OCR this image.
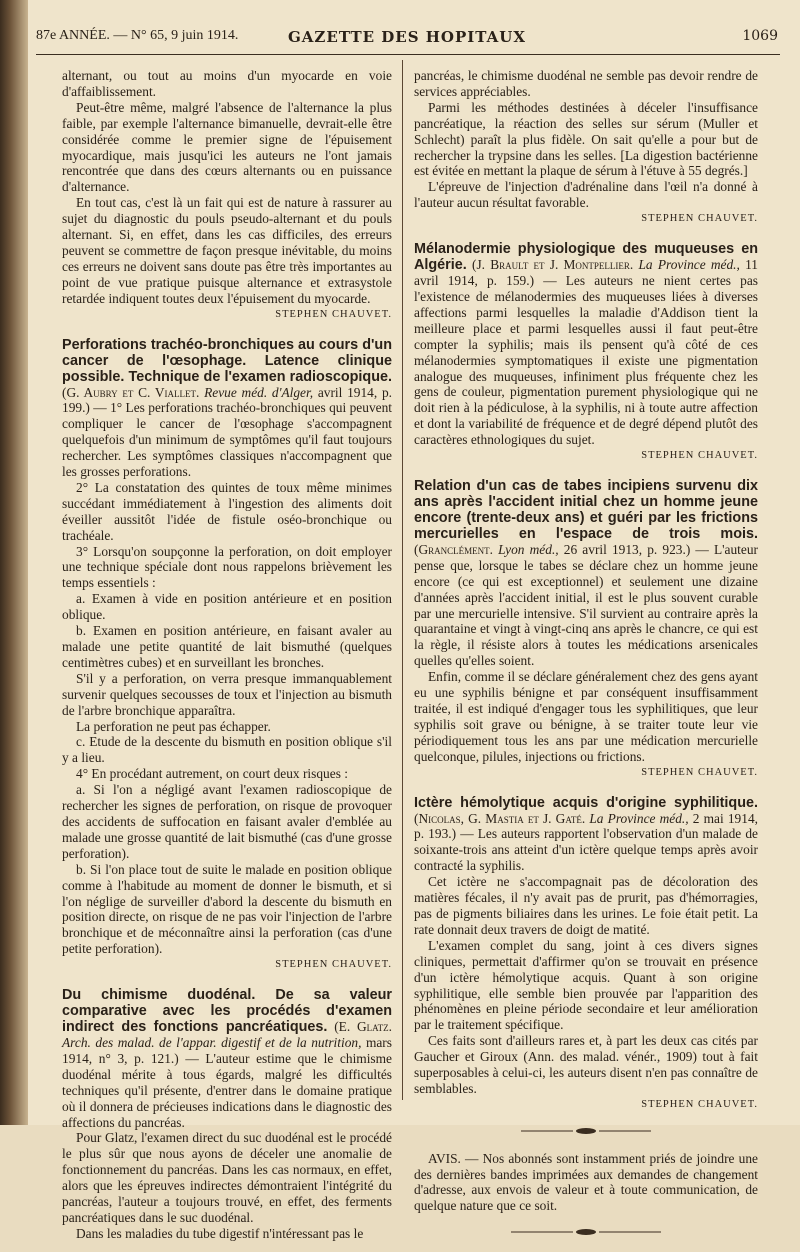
87e ANNÉE. — N° 65, 9 juin 1914.	GAZETTE DES HOPITAUX	1069

alternant, ou tout au moins d'un myocarde en voie d'affaiblissement.

Peut-être même, malgré l'absence de l'alternance la plus faible, par exemple l'alternance bimanuelle, devrait-elle être considérée comme le premier signe de l'épuisement myocardique, mais jusqu'ici les auteurs ne l'ont jamais rencontrée que dans des cœurs alternants ou en puissance d'alternance.

En tout cas, c'est là un fait qui est de nature à rassurer au sujet du diagnostic du pouls pseudo-alternant et du pouls alternant. Si, en effet, dans les cas difficiles, des erreurs peuvent se commettre de façon presque inévitable, du moins ces erreurs ne doivent sans doute pas être très importantes au point de vue pratique puisque alternance et extrasystole retardée indiquent toutes deux l'épuisement du myocarde.

STEPHEN CHAUVET.

Perforations trachéo-bronchiques au cours d'un cancer de l'œsophage. Latence clinique possible. Technique de l'examen radioscopique. (G. Aubry et C. Viallet. Revue méd. d'Alger, avril 1914, p. 199.) — 1° Les perforations trachéo-bronchiques qui peuvent compliquer le cancer de l'œsophage s'accompagnent quelquefois d'un minimum de symptômes qu'il faut toujours rechercher. Les symptômes classiques n'accompagnent que les grosses perforations.

2° La constatation des quintes de toux même minimes succédant immédiatement à l'ingestion des aliments doit éveiller aussitôt l'idée de fistule oséo-bronchique ou trachéale.

3° Lorsqu'on soupçonne la perforation, on doit employer une technique spéciale dont nous rappelons brièvement les temps essentiels :

a. Examen à vide en position antérieure et en position oblique.

b. Examen en position antérieure, en faisant avaler au malade une petite quantité de lait bismuthé (quelques centimètres cubes) et en surveillant les bronches.

S'il y a perforation, on verra presque immanquablement survenir quelques secousses de toux et l'injection au bismuth de l'arbre bronchique apparaîtra.

La perforation ne peut pas échapper.

c. Etude de la descente du bismuth en position oblique s'il y a lieu.

4° En procédant autrement, on court deux risques :

a. Si l'on a négligé avant l'examen radioscopique de rechercher les signes de perforation, on risque de provoquer des accidents de suffocation en faisant avaler d'emblée au malade une grosse quantité de lait bismuthé (cas d'une grosse perforation).

b. Si l'on place tout de suite le malade en position oblique comme à l'habitude au moment de donner le bismuth, et si l'on néglige de surveiller d'abord la descente du bismuth en position directe, on risque de ne pas voir l'injection de l'arbre bronchique et de méconnaître ainsi la perforation (cas d'une petite perforation).

STEPHEN CHAUVET.

Du chimisme duodénal. De sa valeur comparative avec les procédés d'examen indirect des fonctions pancréatiques. (E. Glatz. Arch. des malad. de l'appar. digestif et de la nutrition, mars 1914, n° 3, p. 121.) — L'auteur estime que le chimisme duodénal mérite à tous égards, malgré les difficultés techniques qu'il présente, d'entrer dans le domaine pratique où il donnera de précieuses indications dans le diagnostic des affections du pancréas.

Pour Glatz, l'examen direct du suc duodénal est le procédé le plus sûr que nous ayons de déceler une anomalie de fonctionnement du pancréas. Dans les cas normaux, en effet, alors que les épreuves indirectes démontraient l'intégrité du pancréas, l'auteur a toujours trouvé, en effet, des ferments pancréatiques dans le suc duodénal.

Dans les maladies du tube digestif n'intéressant pas le

pancréas, le chimisme duodénal ne semble pas devoir rendre de services appréciables.

Parmi les méthodes destinées à déceler l'insuffisance pancréatique, la réaction des selles sur sérum (Muller et Schlecht) paraît la plus fidèle. On sait qu'elle a pour but de rechercher la trypsine dans les selles. [La digestion bactérienne est évitée en mettant la plaque de sérum à l'étuve à 55 degrés.]

L'épreuve de l'injection d'adrénaline dans l'œil n'a donné à l'auteur aucun résultat favorable.

STEPHEN CHAUVET.

Mélanodermie physiologique des muqueuses en Algérie. (J. Brault et J. Montpellier. La Province méd., 11 avril 1914, p. 159.) — Les auteurs ne nient certes pas l'existence de mélanodermies des muqueuses liées à diverses affections parmi lesquelles la maladie d'Addison tient la meilleure place et parmi lesquelles aussi il faut peut-être compter la syphilis; mais ils pensent qu'à côté de ces mélanodermies symptomatiques il existe une pigmentation analogue des muqueuses, infiniment plus fréquente chez les gens de couleur, pigmentation purement physiologique qui ne doit rien à la pédiculose, à la syphilis, ni à toute autre affection et dont la variabilité de fréquence et de degré dépend plutôt des caractères ethnologiques du sujet.

STEPHEN CHAUVET.

Relation d'un cas de tabes incipiens survenu dix ans après l'accident initial chez un homme jeune encore (trente-deux ans) et guéri par les frictions mercurielles en l'espace de trois mois. (Granclément. Lyon méd., 26 avril 1913, p. 923.) — L'auteur pense que, lorsque le tabes se déclare chez un homme jeune encore (ce qui est exceptionnel) et seulement une dizaine d'années après l'accident initial, il est le plus souvent curable par une mercurielle intensive. S'il survient au contraire après la quarantaine et vingt à vingt-cinq ans après le chancre, ce qui est la règle, il résiste alors à toutes les médications arsenicales quelles qu'elles soient.

Enfin, comme il se déclare généralement chez des gens ayant eu une syphilis bénigne et par conséquent insuffisamment traitée, il est indiqué d'engager tous les syphilitiques, que leur syphilis soit grave ou bénigne, à se traiter toute leur vie périodiquement tous les ans par une médication mercurielle quelconque, pilules, injections ou frictions.

STEPHEN CHAUVET.

Ictère hémolytique acquis d'origine syphilitique. (Nicolas, G. Mastia et J. Gaté. La Province méd., 2 mai 1914, p. 193.) — Les auteurs rapportent l'observation d'un malade de soixante-trois ans atteint d'un ictère quelque temps après avoir contracté la syphilis.

Cet ictère ne s'accompagnait pas de décoloration des matières fécales, il n'y avait pas de prurit, pas d'hémorragies, pas de pigments biliaires dans les urines. Le foie était petit. La rate donnait deux travers de doigt de matité.

L'examen complet du sang, joint à ces divers signes cliniques, permettait d'affirmer qu'on se trouvait en présence d'un ictère hémolytique acquis. Quant à son origine syphilitique, elle semble bien prouvée par l'apparition des phénomènes en pleine période secondaire et leur amélioration par le traitement spécifique.

Ces faits sont d'ailleurs rares et, à part les deux cas cités par Gaucher et Giroux (Ann. des malad. vénér., 1909) tout à fait superposables à celui-ci, les auteurs disent n'en pas connaître de semblables.

STEPHEN CHAUVET.

AVIS. — Nos abonnés sont instamment priés de joindre une des dernières bandes imprimées aux demandes de changement d'adresse, aux envois de valeur et à toute communication, de quelque nature que ce soit.
